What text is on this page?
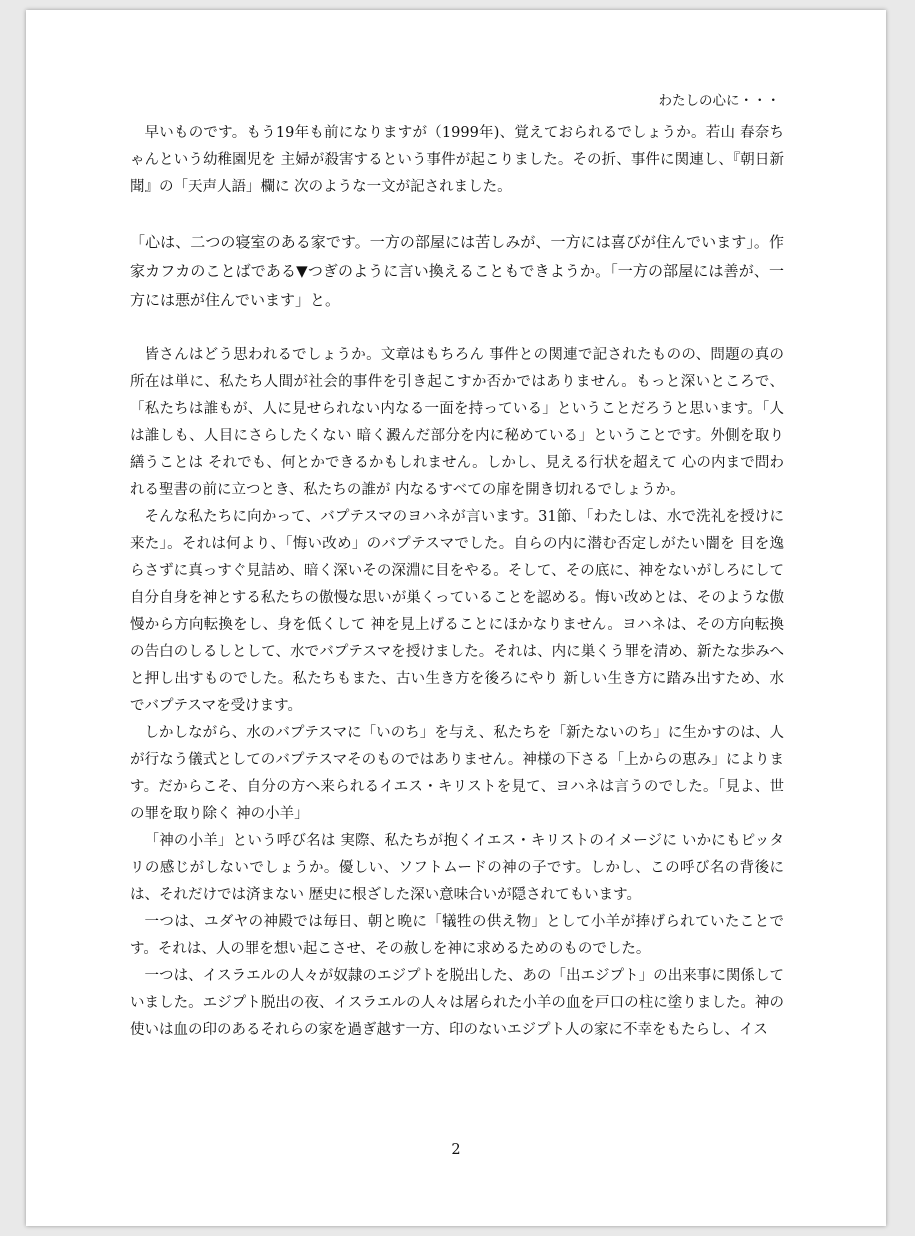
わたしの心に・・・

早いものです。もう19年も前になりますが（1999年)、覚えておられるでしょうか。若山 春奈ちゃんという幼稚園児を 主婦が殺害するという事件が起こりました。その折、事件に関連し、『朝日新聞』の「天声人語」欄に 次のような一文が記されました。

「心は、二つの寝室のある家です。一方の部屋には苦しみが、一方には喜びが住んでいます」。作家カフカのことばである▼つぎのように言い換えることもできようか。「一方の部屋には善が、一方には悪が住んでいます」と。

皆さんはどう思われるでしょうか。文章はもちろん 事件との関連で記されたものの、問題の真の所在は単に、私たち人間が社会的事件を引き起こすか否かではありません。もっと深いところで、「私たちは誰もが、人に見せられない内なる一面を持っている」ということだろうと思います。「人は誰しも、人目にさらしたくない 暗く澱んだ部分を内に秘めている」ということです。外側を取り繕うことは それでも、何とかできるかもしれません。しかし、見える行状を超えて 心の内まで問われる聖書の前に立つとき、私たちの誰が 内なるすべての扉を開き切れるでしょうか。

そんな私たちに向かって、バプテスマのヨハネが言います。31節、「わたしは、水で洗礼を授けに来た」。それは何より、「悔い改め」のバプテスマでした。自らの内に潜む否定しがたい闇を 目を逸らさずに真っすぐ見詰め、暗く深いその深淵に目をやる。そして、その底に、神をないがしろにして 自分自身を神とする私たちの傲慢な思いが巣くっていることを認める。悔い改めとは、そのような傲慢から方向転換をし、身を低くして 神を見上げることにほかなりません。ヨハネは、その方向転換の告白のしるしとして、水でバプテスマを授けました。それは、内に巣くう罪を清め、新たな歩みへと押し出すものでした。私たちもまた、古い生き方を後ろにやり 新しい生き方に踏み出すため、水でバプテスマを受けます。

しかしながら、水のバプテスマに「いのち」を与え、私たちを「新たないのち」に生かすのは、人が行なう儀式としてのバプテスマそのものではありません。神様の下さる「上からの恵み」によります。だからこそ、自分の方へ来られるイエス・キリストを見て、ヨハネは言うのでした。「見よ、世の罪を取り除く 神の小羊」

「神の小羊」という呼び名は 実際、私たちが抱くイエス・キリストのイメージに いかにもピッタリの感じがしないでしょうか。優しい、ソフトムードの神の子です。しかし、この呼び名の背後には、それだけでは済まない 歴史に根ざした深い意味合いが隠されてもいます。

一つは、ユダヤの神殿では毎日、朝と晩に「犠牲の供え物」として小羊が捧げられていたことです。それは、人の罪を想い起こさせ、その赦しを神に求めるためのものでした。

一つは、イスラエルの人々が奴隷のエジプトを脱出した、あの「出エジプト」の出来事に関係していました。エジプト脱出の夜、イスラエルの人々は屠られた小羊の血を戸口の柱に塗りました。神の使いは血の印のあるそれらの家を過ぎ越す一方、印のないエジプト人の家に不幸をもたらし、イス

2
